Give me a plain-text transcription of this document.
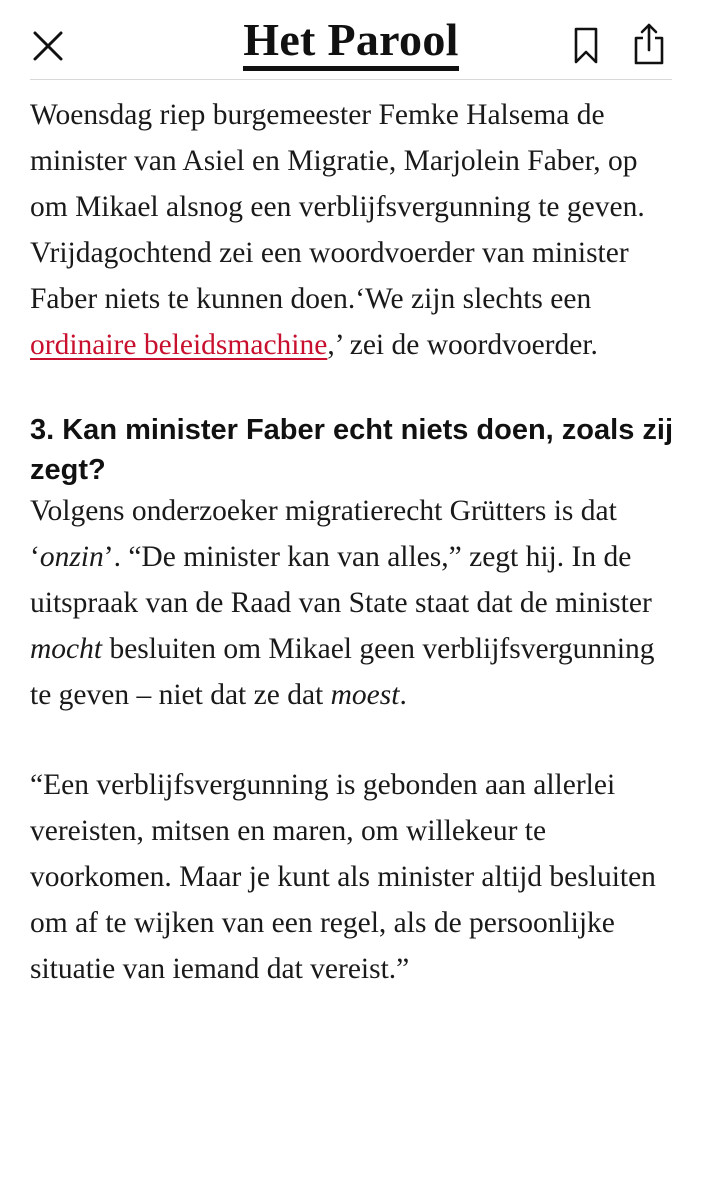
Het Parool

Woensdag riep burgemeester Femke Halsema de minister van Asiel en Migratie, Marjolein Faber, op om Mikael alsnog een verblijfsvergunning te geven. Vrijdagochtend zei een woordvoerder van minister Faber niets te kunnen doen.‘We zijn slechts een ordinaire beleidsmachine,’ zei de woordvoerder.

3. Kan minister Faber echt niets doen, zoals zij zegt?

Volgens onderzoeker migratierecht Grütters is dat ‘onzin’. “De minister kan van alles,” zegt hij. In de uitspraak van de Raad van State staat dat de minister mocht besluiten om Mikael geen verblijfsvergunning te geven – niet dat ze dat moest.

“Een verblijfsvergunning is gebonden aan allerlei vereisten, mitsen en maren, om willekeur te voorkomen. Maar je kunt als minister altijd besluiten om af te wijken van een regel, als de persoonlijke situatie van iemand dat vereist.”
